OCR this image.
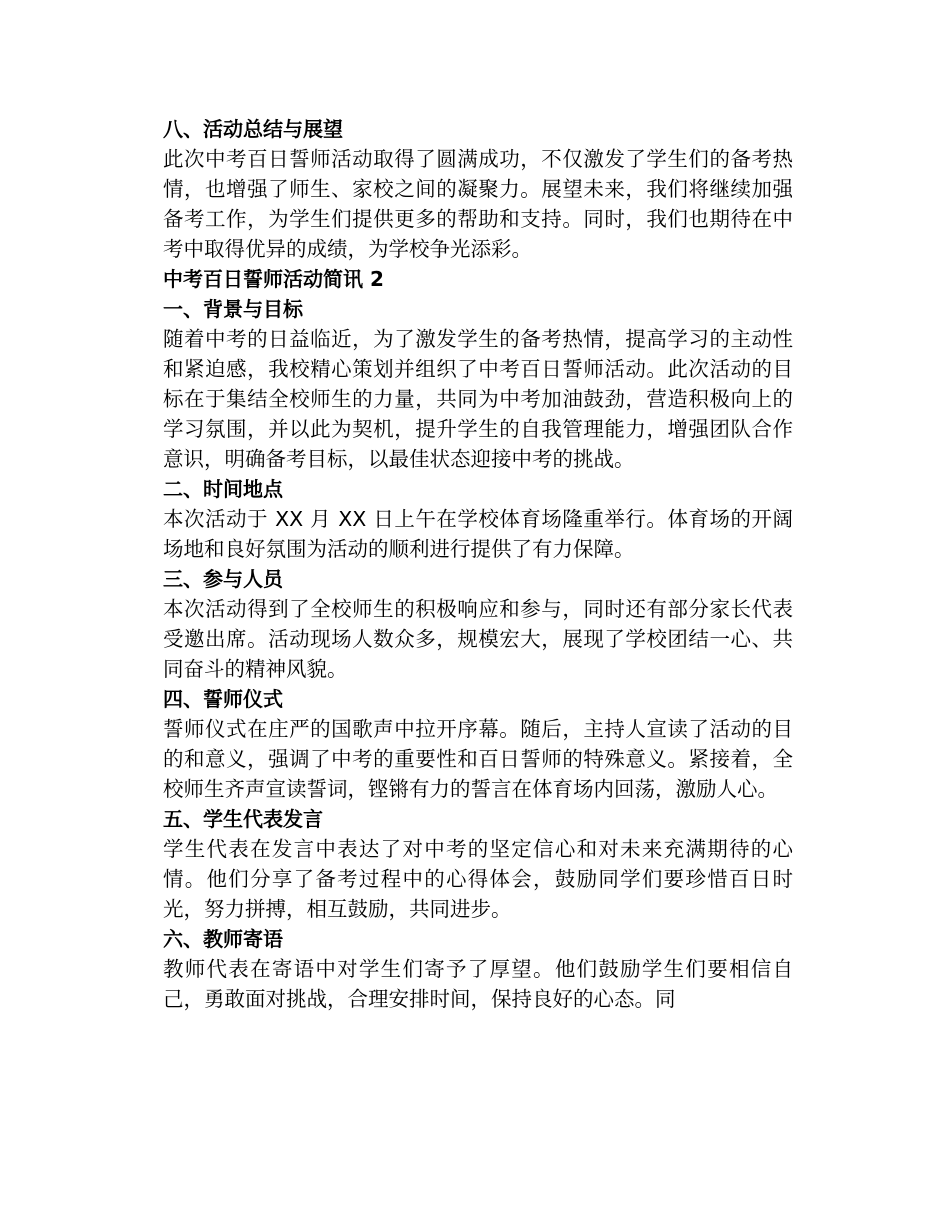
八、活动总结与展望

此次中考百日誓师活动取得了圆满成功，不仅激发了学生们的备考热情，也增强了师生、家校之间的凝聚力。展望未来，我们将继续加强备考工作，为学生们提供更多的帮助和支持。同时，我们也期待在中考中取得优异的成绩，为学校争光添彩。

中考百日誓师活动简讯 2
一、背景与目标

随着中考的日益临近，为了激发学生的备考热情，提高学习的主动性和紧迫感，我校精心策划并组织了中考百日誓师活动。此次活动的目标在于集结全校师生的力量，共同为中考加油鼓劲，营造积极向上的学习氛围，并以此为契机，提升学生的自我管理能力，增强团队合作意识，明确备考目标，以最佳状态迎接中考的挑战。

二、时间地点

本次活动于 XX 月 XX 日上午在学校体育场隆重举行。体育场的开阔场地和良好氛围为活动的顺利进行提供了有力保障。

三、参与人员

本次活动得到了全校师生的积极响应和参与，同时还有部分家长代表受邀出席。活动现场人数众多，规模宏大，展现了学校团结一心、共同奋斗的精神风貌。

四、誓师仪式

誓师仪式在庄严的国歌声中拉开序幕。随后，主持人宣读了活动的目的和意义，强调了中考的重要性和百日誓师的特殊意义。紧接着，全校师生齐声宣读誓词，铿锵有力的誓言在体育场内回荡，激励人心。

五、学生代表发言

学生代表在发言中表达了对中考的坚定信心和对未来充满期待的心情。他们分享了备考过程中的心得体会，鼓励同学们要珍惜百日时光，努力拼搏，相互鼓励，共同进步。

六、教师寄语

教师代表在寄语中对学生们寄予了厚望。他们鼓励学生们要相信自己，勇敢面对挑战，合理安排时间，保持良好的心态。同
